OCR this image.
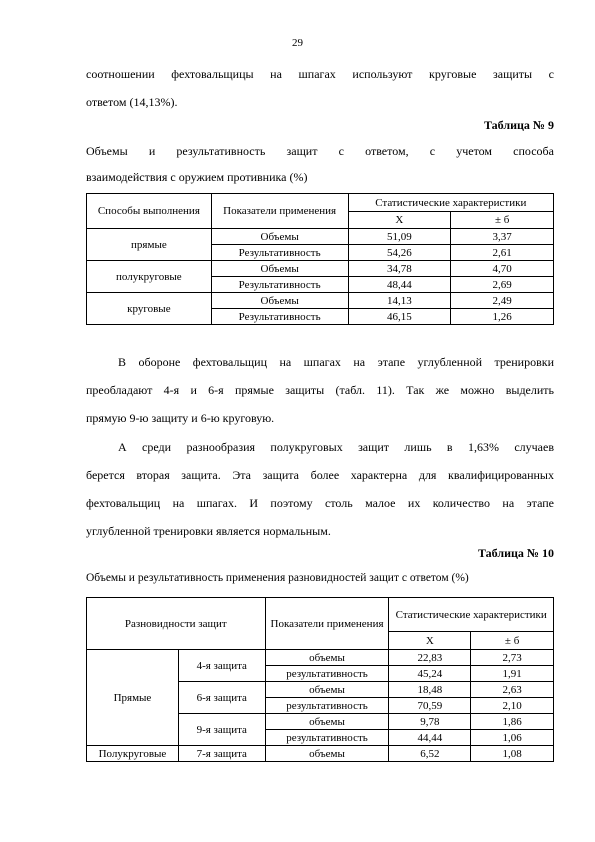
29
соотношении фехтовальщицы на шпагах используют круговые защиты с
ответом (14,13%).
Таблица № 9
Объемы и результативность защит с ответом, с учетом способа
взаимодействия с оружием противника (%)
Способы выполнения	Показатели применения	Статистические характеристики	
		X	± б
прямые	Объемы	51,09	3,37
	Результативность	54,26	2,61
полукруговые	Объемы	34,78	4,70
	Результативность	48,44	2,69
круговые	Объемы	14,13	2,49
	Результативность	46,15	1,26
В обороне фехтовальщиц на шпагах на этапе углубленной тренировки
преобладают 4-я и 6-я прямые защиты (табл. 11). Так же можно выделить
прямую 9-ю защиту и 6-ю круговую.
А среди разнообразия полукруговых защит лишь в 1,63% случаев
берется вторая защита. Эта защита более характерна для квалифицированных
фехтовальщиц на шпагах. И поэтому столь малое их количество на этапе
углубленной тренировки является нормальным.
Таблица № 10
Объемы и результативность применения разновидностей защит с ответом (%)
Разновидности защит		Показатели применения	Статистические характеристики	
			X	± б
Прямые	4-я защита	объемы	22,83	2,73
		результативность	45,24	1,91
	6-я защита	объемы	18,48	2,63
		результативность	70,59	2,10
	9-я защита	объемы	9,78	1,86
		результативность	44,44	1,06
Полукруговые	7-я защита	объемы	6,52	1,08
